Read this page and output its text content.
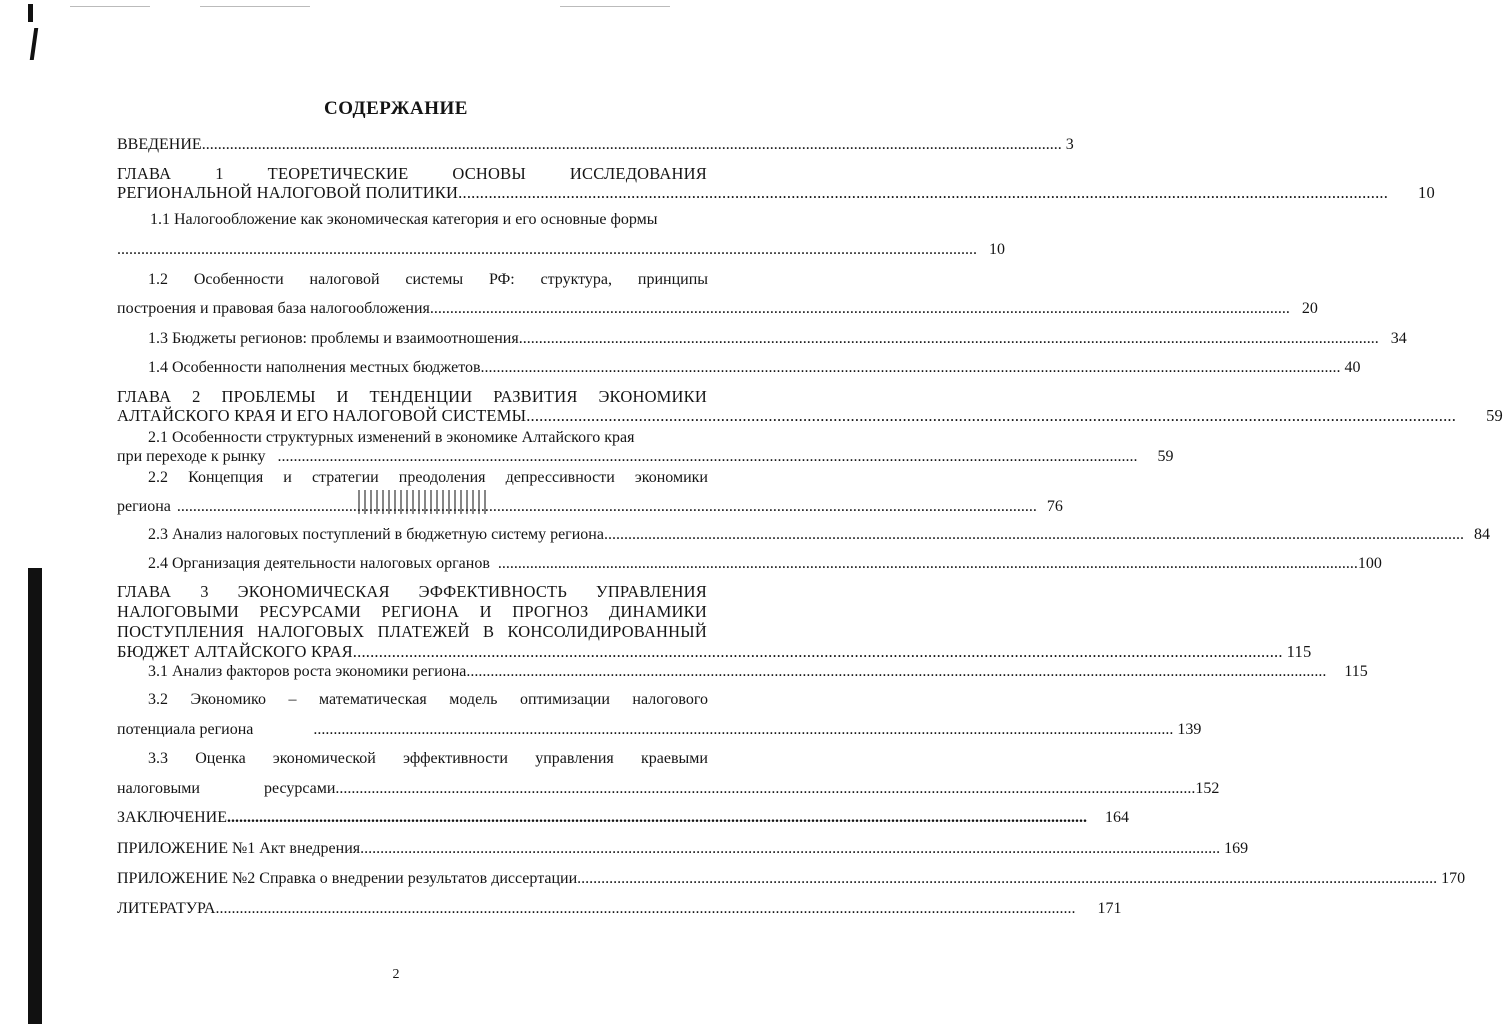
СОДЕРЖАНИЕ
ВВЕДЕНИЕ .....	3
ГЛАВА 1 ТЕОРЕТИЧЕСКИЕ ОСНОВЫ ИССЛЕДОВАНИЯ
РЕГИОНАЛЬНОЙ НАЛОГОВОЙ ПОЛИТИКИ .....	10
1.1 Налогообложение как экономическая категория и его основные формы
.....
10
1.2 Особенности налоговой системы РФ: структура, принципы
построения и правовая база налогообложения .....	20
1.3 Бюджеты регионов: проблемы и взаимоотношения .....	34
1.4 Особенности наполнения местных бюджетов .....	40
ГЛАВА 2 ПРОБЛЕМЫ И ТЕНДЕНЦИИ РАЗВИТИЯ ЭКОНОМИКИ
АЛТАЙСКОГО КРАЯ И ЕГО НАЛОГОВОЙ СИСТЕМЫ .....	59
2.1 Особенности структурных изменений в экономике Алтайского края
при переходе к рынку .....	59
2.2 Концепция и стратегии преодоления депрессивности экономики
региона .....	76
2.3 Анализ налоговых поступлений в бюджетную систему региона .....	84
2.4 Организация деятельности налоговых органов .....	100
ГЛАВА 3 ЭКОНОМИЧЕСКАЯ ЭФФЕКТИВНОСТЬ УПРАВЛЕНИЯ
НАЛОГОВЫМИ РЕСУРСАМИ РЕГИОНА И ПРОГНОЗ ДИНАМИКИ
ПОСТУПЛЕНИЯ НАЛОГОВЫХ ПЛАТЕЖЕЙ В КОНСОЛИДИРОВАННЫЙ
БЮДЖЕТ АЛТАЙСКОГО КРАЯ .....	115
3.1 Анализ факторов роста экономики региона .....	115
3.2 Экономико – математическая модель оптимизации налогового
потенциала региона .....	139
3.3 Оценка экономической эффективности управления краевыми
налоговыми ресурсами .....	152
ЗАКЛЮЧЕНИЕ .....	164
ПРИЛОЖЕНИЕ №1 Акт внедрения .....	169
ПРИЛОЖЕНИЕ №2 Справка о внедрении результатов диссертации .....	170
ЛИТЕРАТУРА .....	171
2
